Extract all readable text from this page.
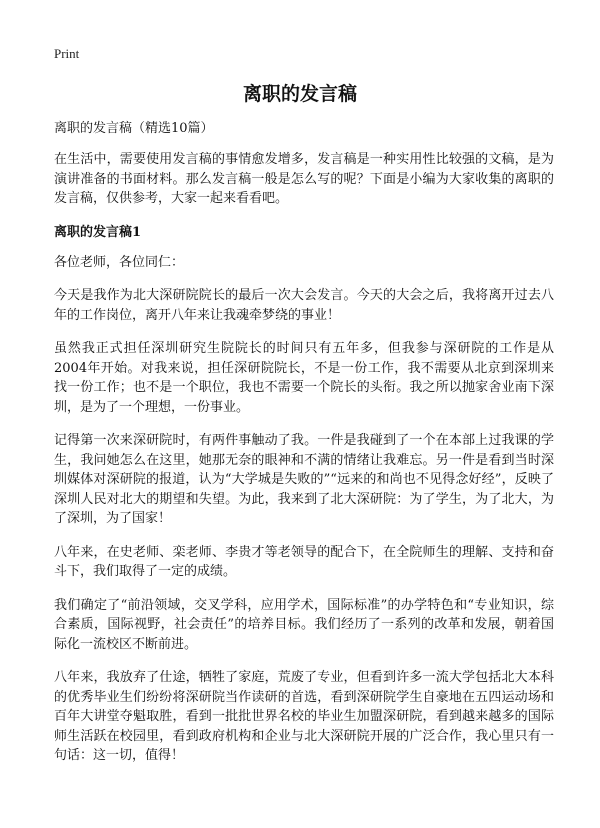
Print
离职的发言稿
离职的发言稿（精选10篇）

在生活中，需要使用发言稿的事情愈发增多，发言稿是一种实用性比较强的文稿，是为演讲准备的书面材料。那么发言稿一般是怎么写的呢？下面是小编为大家收集的离职的发言稿，仅供参考，大家一起来看看吧。

离职的发言稿1

各位老师，各位同仁：

今天是我作为北大深研院院长的最后一次大会发言。今天的大会之后，我将离开过去八年的工作岗位，离开八年来让我魂牵梦绕的事业！

虽然我正式担任深圳研究生院院长的时间只有五年多，但我参与深研院的工作是从2004年开始。对我来说，担任深研院院长，不是一份工作，我不需要从北京到深圳来找一份工作；也不是一个职位，我也不需要一个院长的头衔。我之所以抛家舍业南下深圳，是为了一个理想，一份事业。

记得第一次来深研院时，有两件事触动了我。一件是我碰到了一个在本部上过我课的学生，我问她怎么在这里，她那无奈的眼神和不满的情绪让我难忘。另一件是看到当时深圳媒体对深研院的报道，认为“大学城是失败的”“远来的和尚也不见得念好经”，反映了深圳人民对北大的期望和失望。为此，我来到了北大深研院：为了学生，为了北大，为了深圳，为了国家！

八年来，在史老师、栾老师、李贵才等老领导的配合下，在全院师生的理解、支持和奋斗下，我们取得了一定的成绩。

我们确定了“前沿领域，交叉学科，应用学术，国际标准”的办学特色和“专业知识，综合素质，国际视野，社会责任”的培养目标。我们经历了一系列的改革和发展，朝着国际化一流校区不断前进。

八年来，我放弃了仕途，牺牲了家庭，荒废了专业，但看到许多一流大学包括北大本科的优秀毕业生们纷纷将深研院当作读研的首选，看到深研院学生自豪地在五四运动场和百年大讲堂夺魁取胜，看到一批批世界名校的毕业生加盟深研院，看到越来越多的国际师生活跃在校园里，看到政府机构和企业与北大深研院开展的广泛合作，我心里只有一句话：这一切，值得！
